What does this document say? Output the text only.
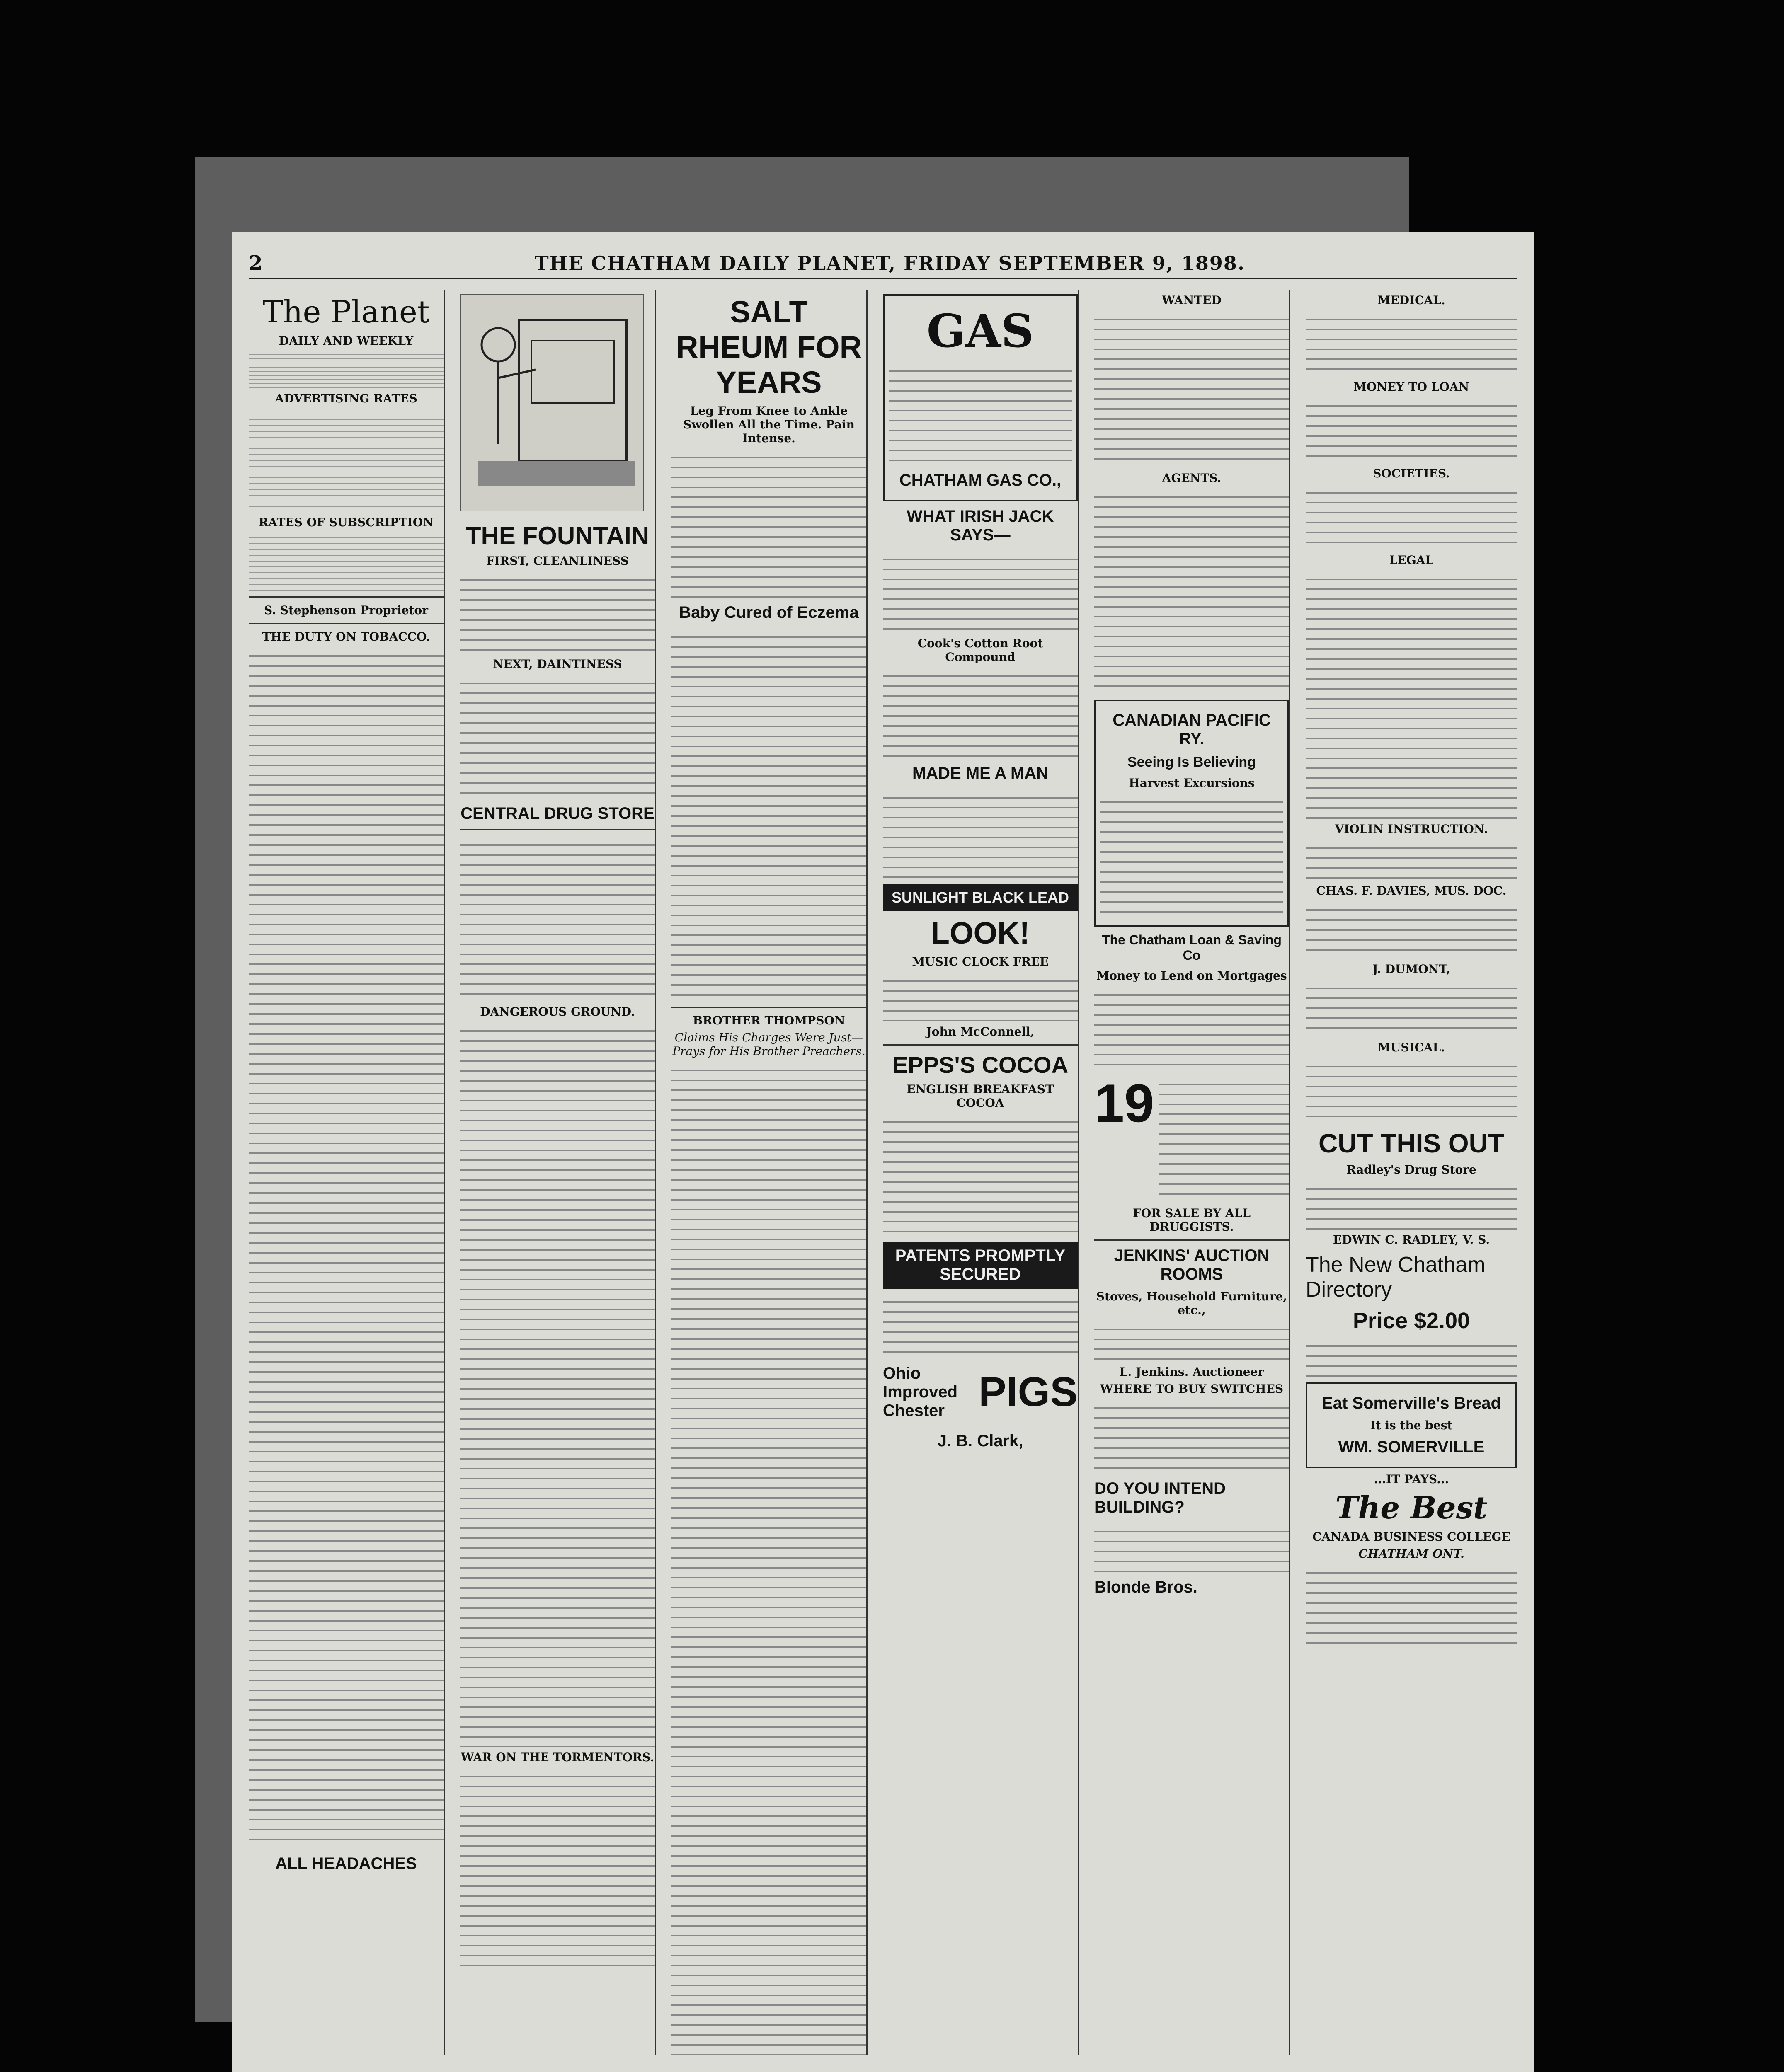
2	THE CHATHAM DAILY PLANET, FRIDAY SEPTEMBER 9, 1898.
The Planet
DAILY AND WEEKLY
ADVERTISING RATES
RATES OF SUBSCRIPTION
S. Stephenson Proprietor
THE DUTY ON TOBACCO.
ALL HEADACHES
THE FOUNTAIN
FIRST, CLEANLINESS
NEXT, DAINTINESS
CENTRAL DRUG STORE
DANGEROUS GROUND.
WAR ON THE TORMENTORS.
SALT RHEUM FOR YEARS
Leg From Knee to Ankle Swollen All the Time. Pain Intense.
Baby Cured of Eczema
BROTHER THOMPSON
Claims His Charges Were Just—Prays for His Brother Preachers.
GAS
CHATHAM GAS CO.,
WHAT IRISH JACK SAYS—
Cook's Cotton Root Compound
MADE ME A MAN
SUNLIGHT BLACK LEAD
LOOK!
MUSIC CLOCK FREE
John McConnell,
EPPS'S COCOA
ENGLISH BREAKFAST COCOA
PATENTS PROMPTLY SECURED
Ohio Improved Chester PIGS
J. B. Clark,
WANTED
AGENTS.
CANADIAN PACIFIC RY.
Seeing Is Believing
Harvest Excursions
The Chatham Loan & Saving Co
Money to Lend on Mortgages
19
FOR SALE BY ALL DRUGGISTS.
JENKINS' AUCTION ROOMS
Stoves, Household Furniture, etc.,
L. Jenkins. Auctioneer
WHERE TO BUY SWITCHES
DO YOU INTEND BUILDING?
Blonde Bros.
MEDICAL.
MONEY TO LOAN
SOCIETIES.
LEGAL
VIOLIN INSTRUCTION.
CHAS. F. DAVIES, MUS. DOC.
J. DUMONT,
MUSICAL.
CUT THIS OUT
Radley's Drug Store
EDWIN C. RADLEY, V. S.
The New Chatham Directory
Price $2.00
Eat Somerville's Bread
It is the best
WM. SOMERVILLE
...IT PAYS...
The Best
CANADA BUSINESS COLLEGE
CHATHAM ONT.
